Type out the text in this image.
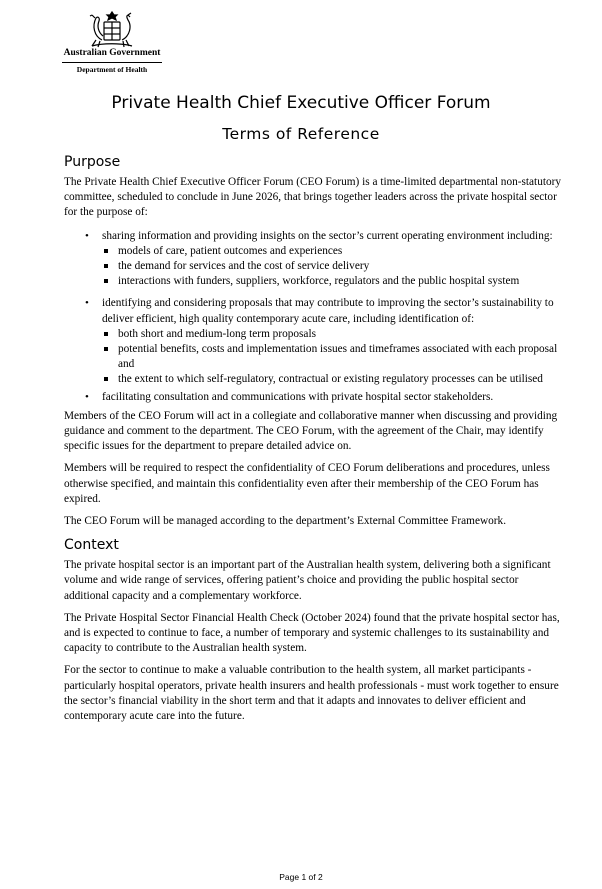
Australian Government
Department of Health
Private Health Chief Executive Officer Forum
Terms of Reference
Purpose

The Private Health Chief Executive Officer Forum (CEO Forum) is a time-limited departmental non-statutory committee, scheduled to conclude in June 2026, that brings together leaders across the private hospital sector for the purpose of:

• sharing information and providing insights on the sector’s current operating environment including:
models of care, patient outcomes and experiences
the demand for services and the cost of service delivery
interactions with funders, suppliers, workforce, regulators and the public hospital system
• identifying and considering proposals that may contribute to improving the sector’s sustainability to deliver efficient, high quality contemporary acute care, including identification of:
both short and medium-long term proposals
potential benefits, costs and implementation issues and timeframes associated with each proposal and
the extent to which self-regulatory, contractual or existing regulatory processes can be utilised
• facilitating consultation and communications with private hospital sector stakeholders.

Members of the CEO Forum will act in a collegiate and collaborative manner when discussing and providing guidance and comment to the department. The CEO Forum, with the agreement of the Chair, may identify specific issues for the department to prepare detailed advice on.

Members will be required to respect the confidentiality of CEO Forum deliberations and procedures, unless otherwise specified, and maintain this confidentiality even after their membership of the CEO Forum has expired.

The CEO Forum will be managed according to the department’s External Committee Framework.

Context

The private hospital sector is an important part of the Australian health system, delivering both a significant volume and wide range of services, offering patient’s choice and providing the public hospital sector additional capacity and a complementary workforce.

The Private Hospital Sector Financial Health Check (October 2024) found that the private hospital sector has, and is expected to continue to face, a number of temporary and systemic challenges to its sustainability and capacity to contribute to the Australian health system.

For the sector to continue to make a valuable contribution to the health system, all market participants - particularly hospital operators, private health insurers and health professionals - must work together to ensure the sector’s financial viability in the short term and that it adapts and innovates to deliver efficient and contemporary acute care into the future.

Page 1 of 2
